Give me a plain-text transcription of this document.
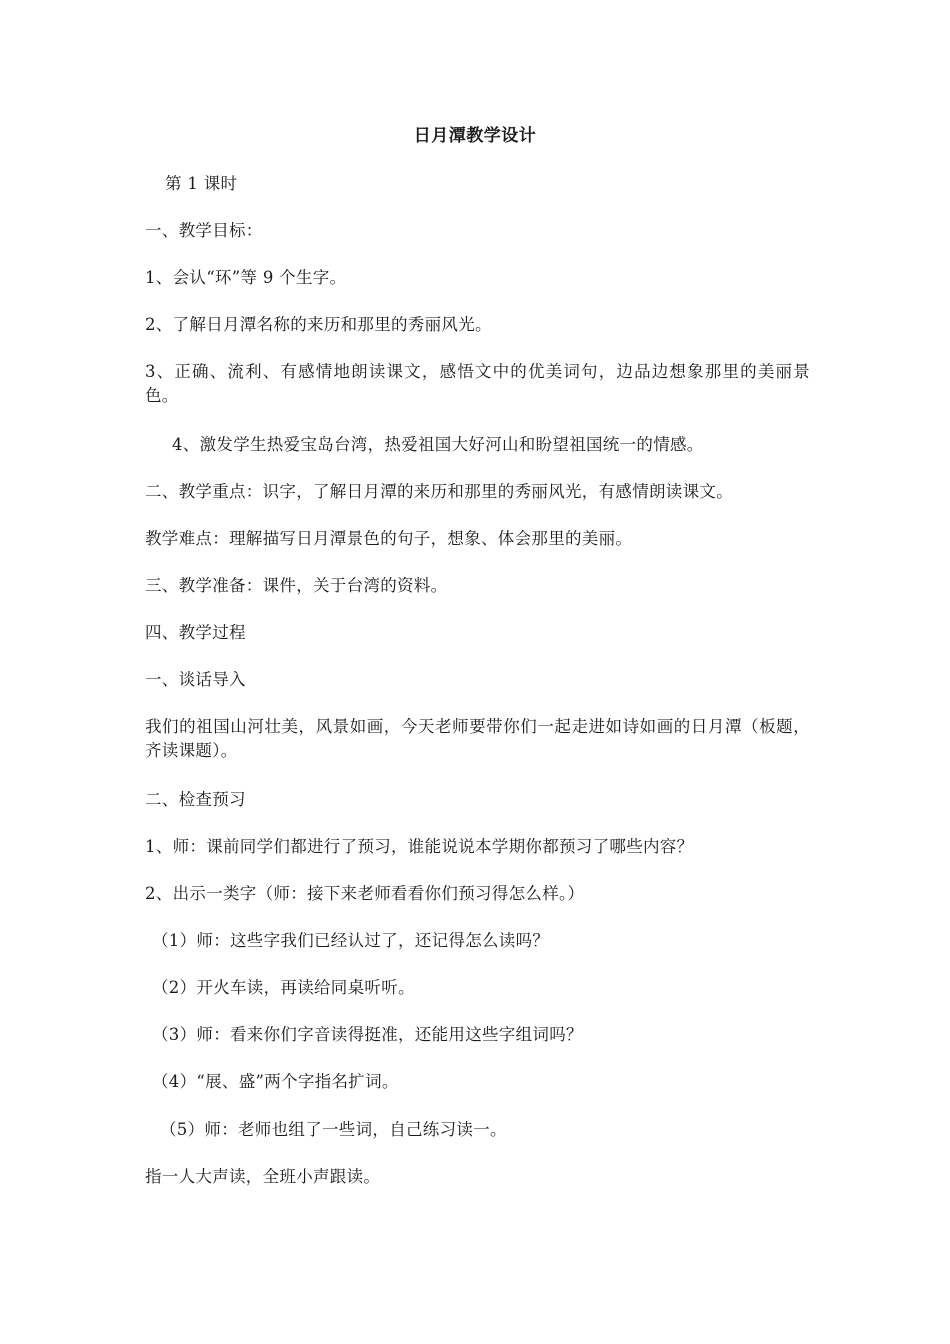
日月潭教学设计
第 1 课时
一、教学目标：
1、会认“环”等 9 个生字。
2、了解日月潭名称的来历和那里的秀丽风光。
3、正确、流利、有感情地朗读课文，感悟文中的优美词句，边品边想象那里的美丽景色。
4、激发学生热爱宝岛台湾，热爱祖国大好河山和盼望祖国统一的情感。
二、教学重点：识字，了解日月潭的来历和那里的秀丽风光，有感情朗读课文。
教学难点：理解描写日月潭景色的句子，想象、体会那里的美丽。
三、教学准备：课件，关于台湾的资料。
四、教学过程
一、谈话导入
我们的祖国山河壮美，风景如画，今天老师要带你们一起走进如诗如画的日月潭（板题，齐读课题）。
二、检查预习
1、师：课前同学们都进行了预习，谁能说说本学期你都预习了哪些内容？
2、出示一类字（师：接下来老师看看你们预习得怎么样。）
（1）师：这些字我们已经认过了，还记得怎么读吗？
（2）开火车读，再读给同桌听听。
（3）师：看来你们字音读得挺准，还能用这些字组词吗？
（4）“展、盛”两个字指名扩词。
（5）师：老师也组了一些词，自己练习读一。
指一人大声读，全班小声跟读。
